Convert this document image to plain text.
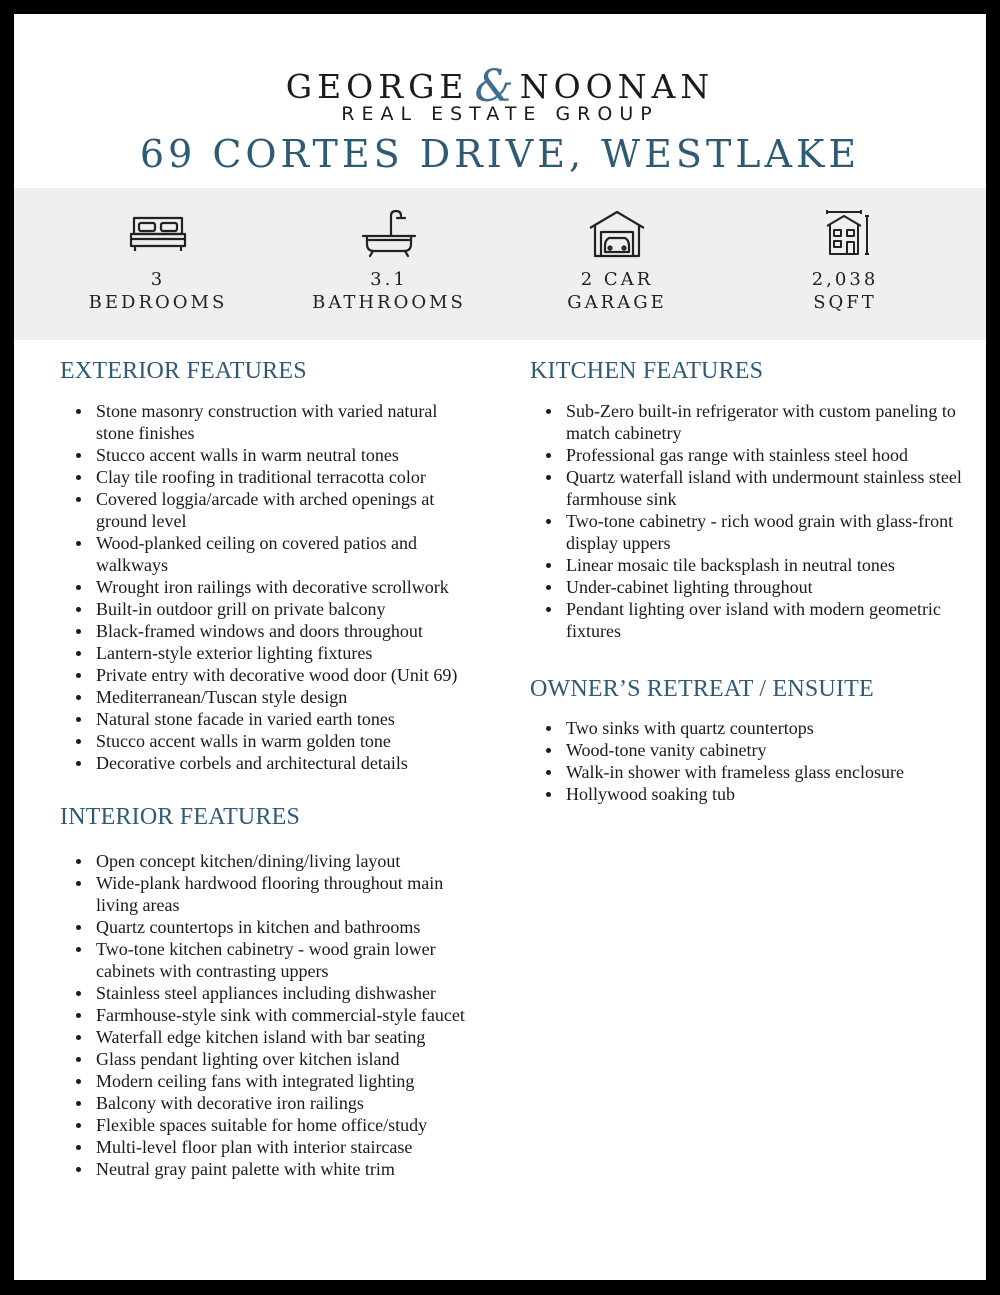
GEORGE & NOONAN
REAL ESTATE GROUP
69 CORTES DRIVE, WESTLAKE
3
BEDROOMS
3.1
BATHROOMS
2 CAR
GARAGE
2,038
SQFT
EXTERIOR FEATURES
Stone masonry construction with varied natural stone finishes
Stucco accent walls in warm neutral tones
Clay tile roofing in traditional terracotta color
Covered loggia/arcade with arched openings at ground level
Wood-planked ceiling on covered patios and walkways
Wrought iron railings with decorative scrollwork
Built-in outdoor grill on private balcony
Black-framed windows and doors throughout
Lantern-style exterior lighting fixtures
Private entry with decorative wood door (Unit 69)
Mediterranean/Tuscan style design
Natural stone facade in varied earth tones
Stucco accent walls in warm golden tone
Decorative corbels and architectural details
INTERIOR FEATURES
Open concept kitchen/dining/living layout
Wide-plank hardwood flooring throughout main living areas
Quartz countertops in kitchen and bathrooms
Two-tone kitchen cabinetry - wood grain lower cabinets with contrasting uppers
Stainless steel appliances including dishwasher
Farmhouse-style sink with commercial-style faucet
Waterfall edge kitchen island with bar seating
Glass pendant lighting over kitchen island
Modern ceiling fans with integrated lighting
Balcony with decorative iron railings
Flexible spaces suitable for home office/study
Multi-level floor plan with interior staircase
Neutral gray paint palette with white trim
KITCHEN FEATURES
Sub-Zero built-in refrigerator with custom paneling to match cabinetry
Professional gas range with stainless steel hood
Quartz waterfall island with undermount stainless steel farmhouse sink
Two-tone cabinetry - rich wood grain with glass-front display uppers
Linear mosaic tile backsplash in neutral tones
Under-cabinet lighting throughout
Pendant lighting over island with modern geometric fixtures
OWNER’S RETREAT / ENSUITE
Two sinks with quartz countertops
Wood-tone vanity cabinetry
Walk-in shower with frameless glass enclosure
Hollywood soaking tub
